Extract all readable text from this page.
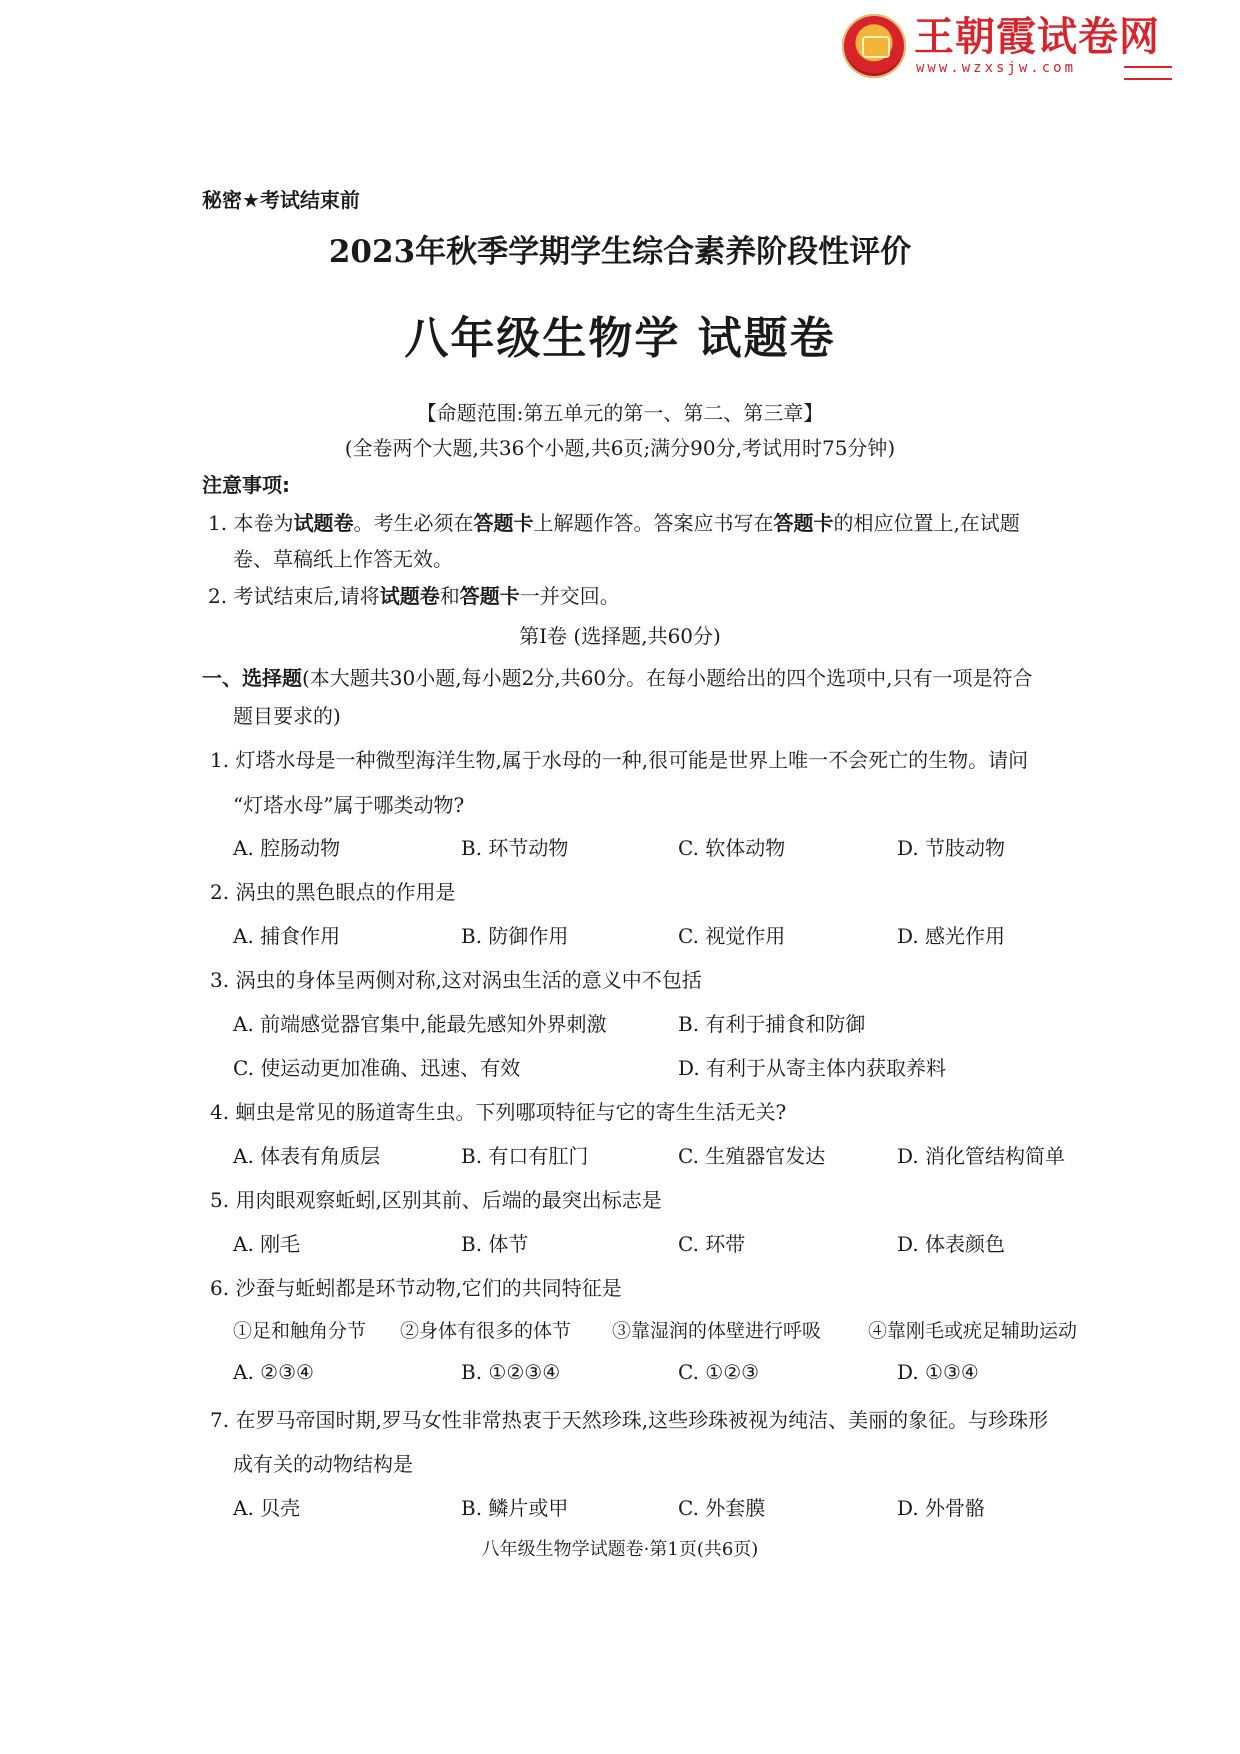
王朝霞试卷网
www.wzxsjw.com
秘密★考试结束前
2023年秋季学期学生综合素养阶段性评价
八年级生物学 试题卷
【命题范围:第五单元的第一、第二、第三章】
(全卷两个大题,共36个小题,共6页;满分90分,考试用时75分钟)
注意事项:
1. 本卷为试题卷。考生必须在答题卡上解题作答。答案应书写在答题卡的相应位置上,在试题
卷、草稿纸上作答无效。
2. 考试结束后,请将试题卷和答题卡一并交回。
第Ⅰ卷 (选择题,共60分)
一、选择题(本大题共30小题,每小题2分,共60分。在每小题给出的四个选项中,只有一项是符合
题目要求的)
1. 灯塔水母是一种微型海洋生物,属于水母的一种,很可能是世界上唯一不会死亡的生物。请问
“灯塔水母”属于哪类动物?
A. 腔肠动物	B. 环节动物	C. 软体动物	D. 节肢动物
2. 涡虫的黑色眼点的作用是
A. 捕食作用	B. 防御作用	C. 视觉作用	D. 感光作用
3. 涡虫的身体呈两侧对称,这对涡虫生活的意义中不包括
A. 前端感觉器官集中,能最先感知外界刺激	B. 有利于捕食和防御
C. 使运动更加准确、迅速、有效	D. 有利于从寄主体内获取养料
4. 蛔虫是常见的肠道寄生虫。下列哪项特征与它的寄生生活无关?
A. 体表有角质层	B. 有口有肛门	C. 生殖器官发达	D. 消化管结构简单
5. 用肉眼观察蚯蚓,区别其前、后端的最突出标志是
A. 刚毛	B. 体节	C. 环带	D. 体表颜色
6. 沙蚕与蚯蚓都是环节动物,它们的共同特征是
①足和触角分节 ②身体有很多的体节 ③靠湿润的体壁进行呼吸 ④靠刚毛或疣足辅助运动
A. ②③④	B. ①②③④	C. ①②③	D. ①③④
7. 在罗马帝国时期,罗马女性非常热衷于天然珍珠,这些珍珠被视为纯洁、美丽的象征。与珍珠形
成有关的动物结构是
A. 贝壳	B. 鳞片或甲	C. 外套膜	D. 外骨骼
八年级生物学试题卷·第1页(共6页)
